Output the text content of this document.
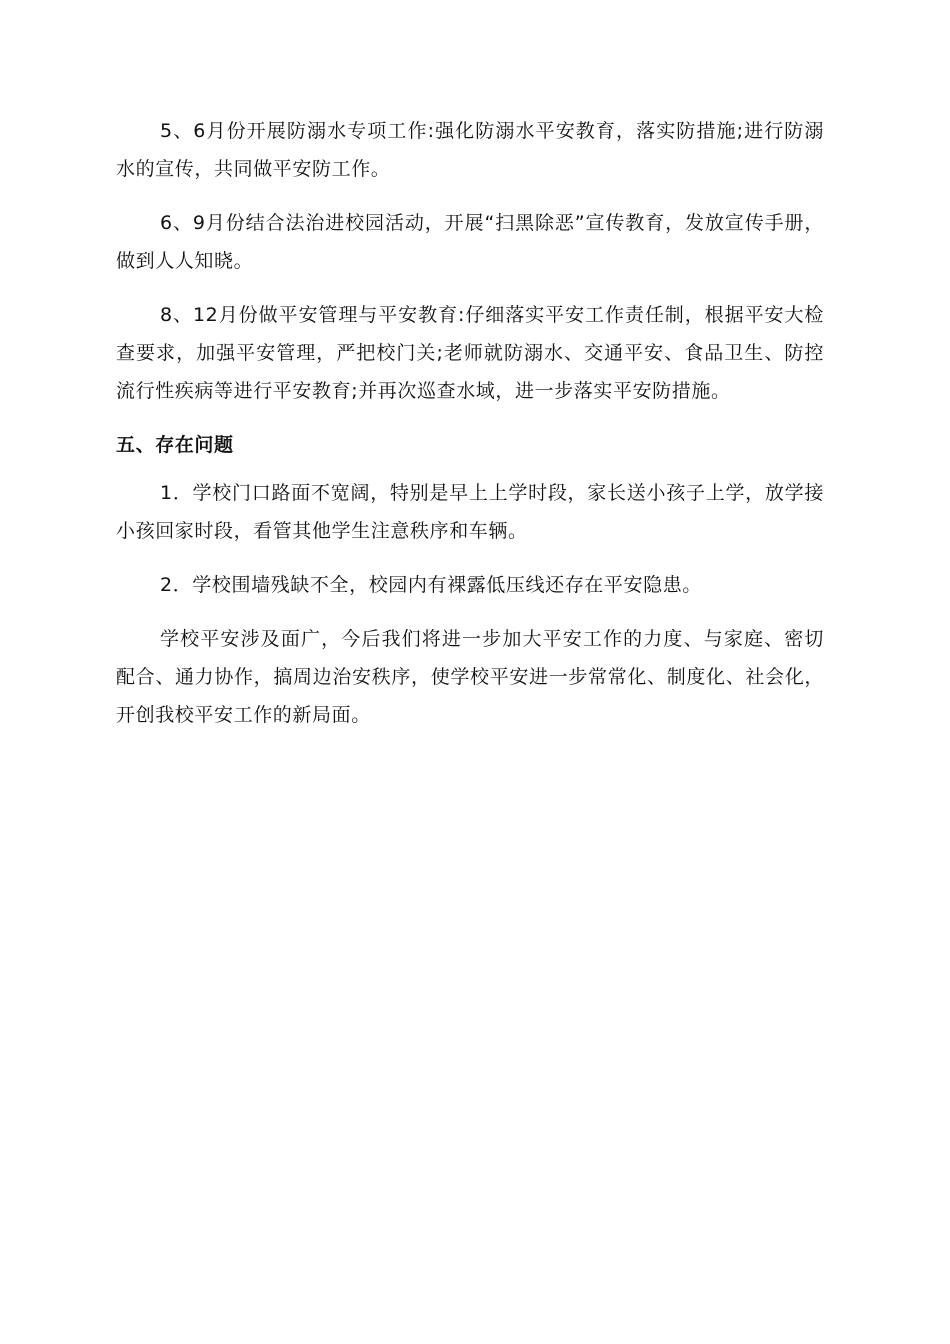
5、6月份开展防溺水专项工作:强化防溺水平安教育，落实防措施;进行防溺水的宣传，共同做平安防工作。

6、9月份结合法治进校园活动，开展“扫黑除恶”宣传教育，发放宣传手册，做到人人知晓。

8、12月份做平安管理与平安教育:仔细落实平安工作责任制，根据平安大检查要求，加强平安管理，严把校门关;老师就防溺水、交通平安、食品卫生、防控流行性疾病等进行平安教育;并再次巡查水域，进一步落实平安防措施。

五、存在问题

1．学校门口路面不宽阔，特别是早上上学时段，家长送小孩子上学，放学接小孩回家时段，看管其他学生注意秩序和车辆。

2．学校围墙残缺不全，校园内有裸露低压线还存在平安隐患。

学校平安涉及面广，今后我们将进一步加大平安工作的力度、与家庭、密切配合、通力协作，搞周边治安秩序，使学校平安进一步常常化、制度化、社会化，开创我校平安工作的新局面。
